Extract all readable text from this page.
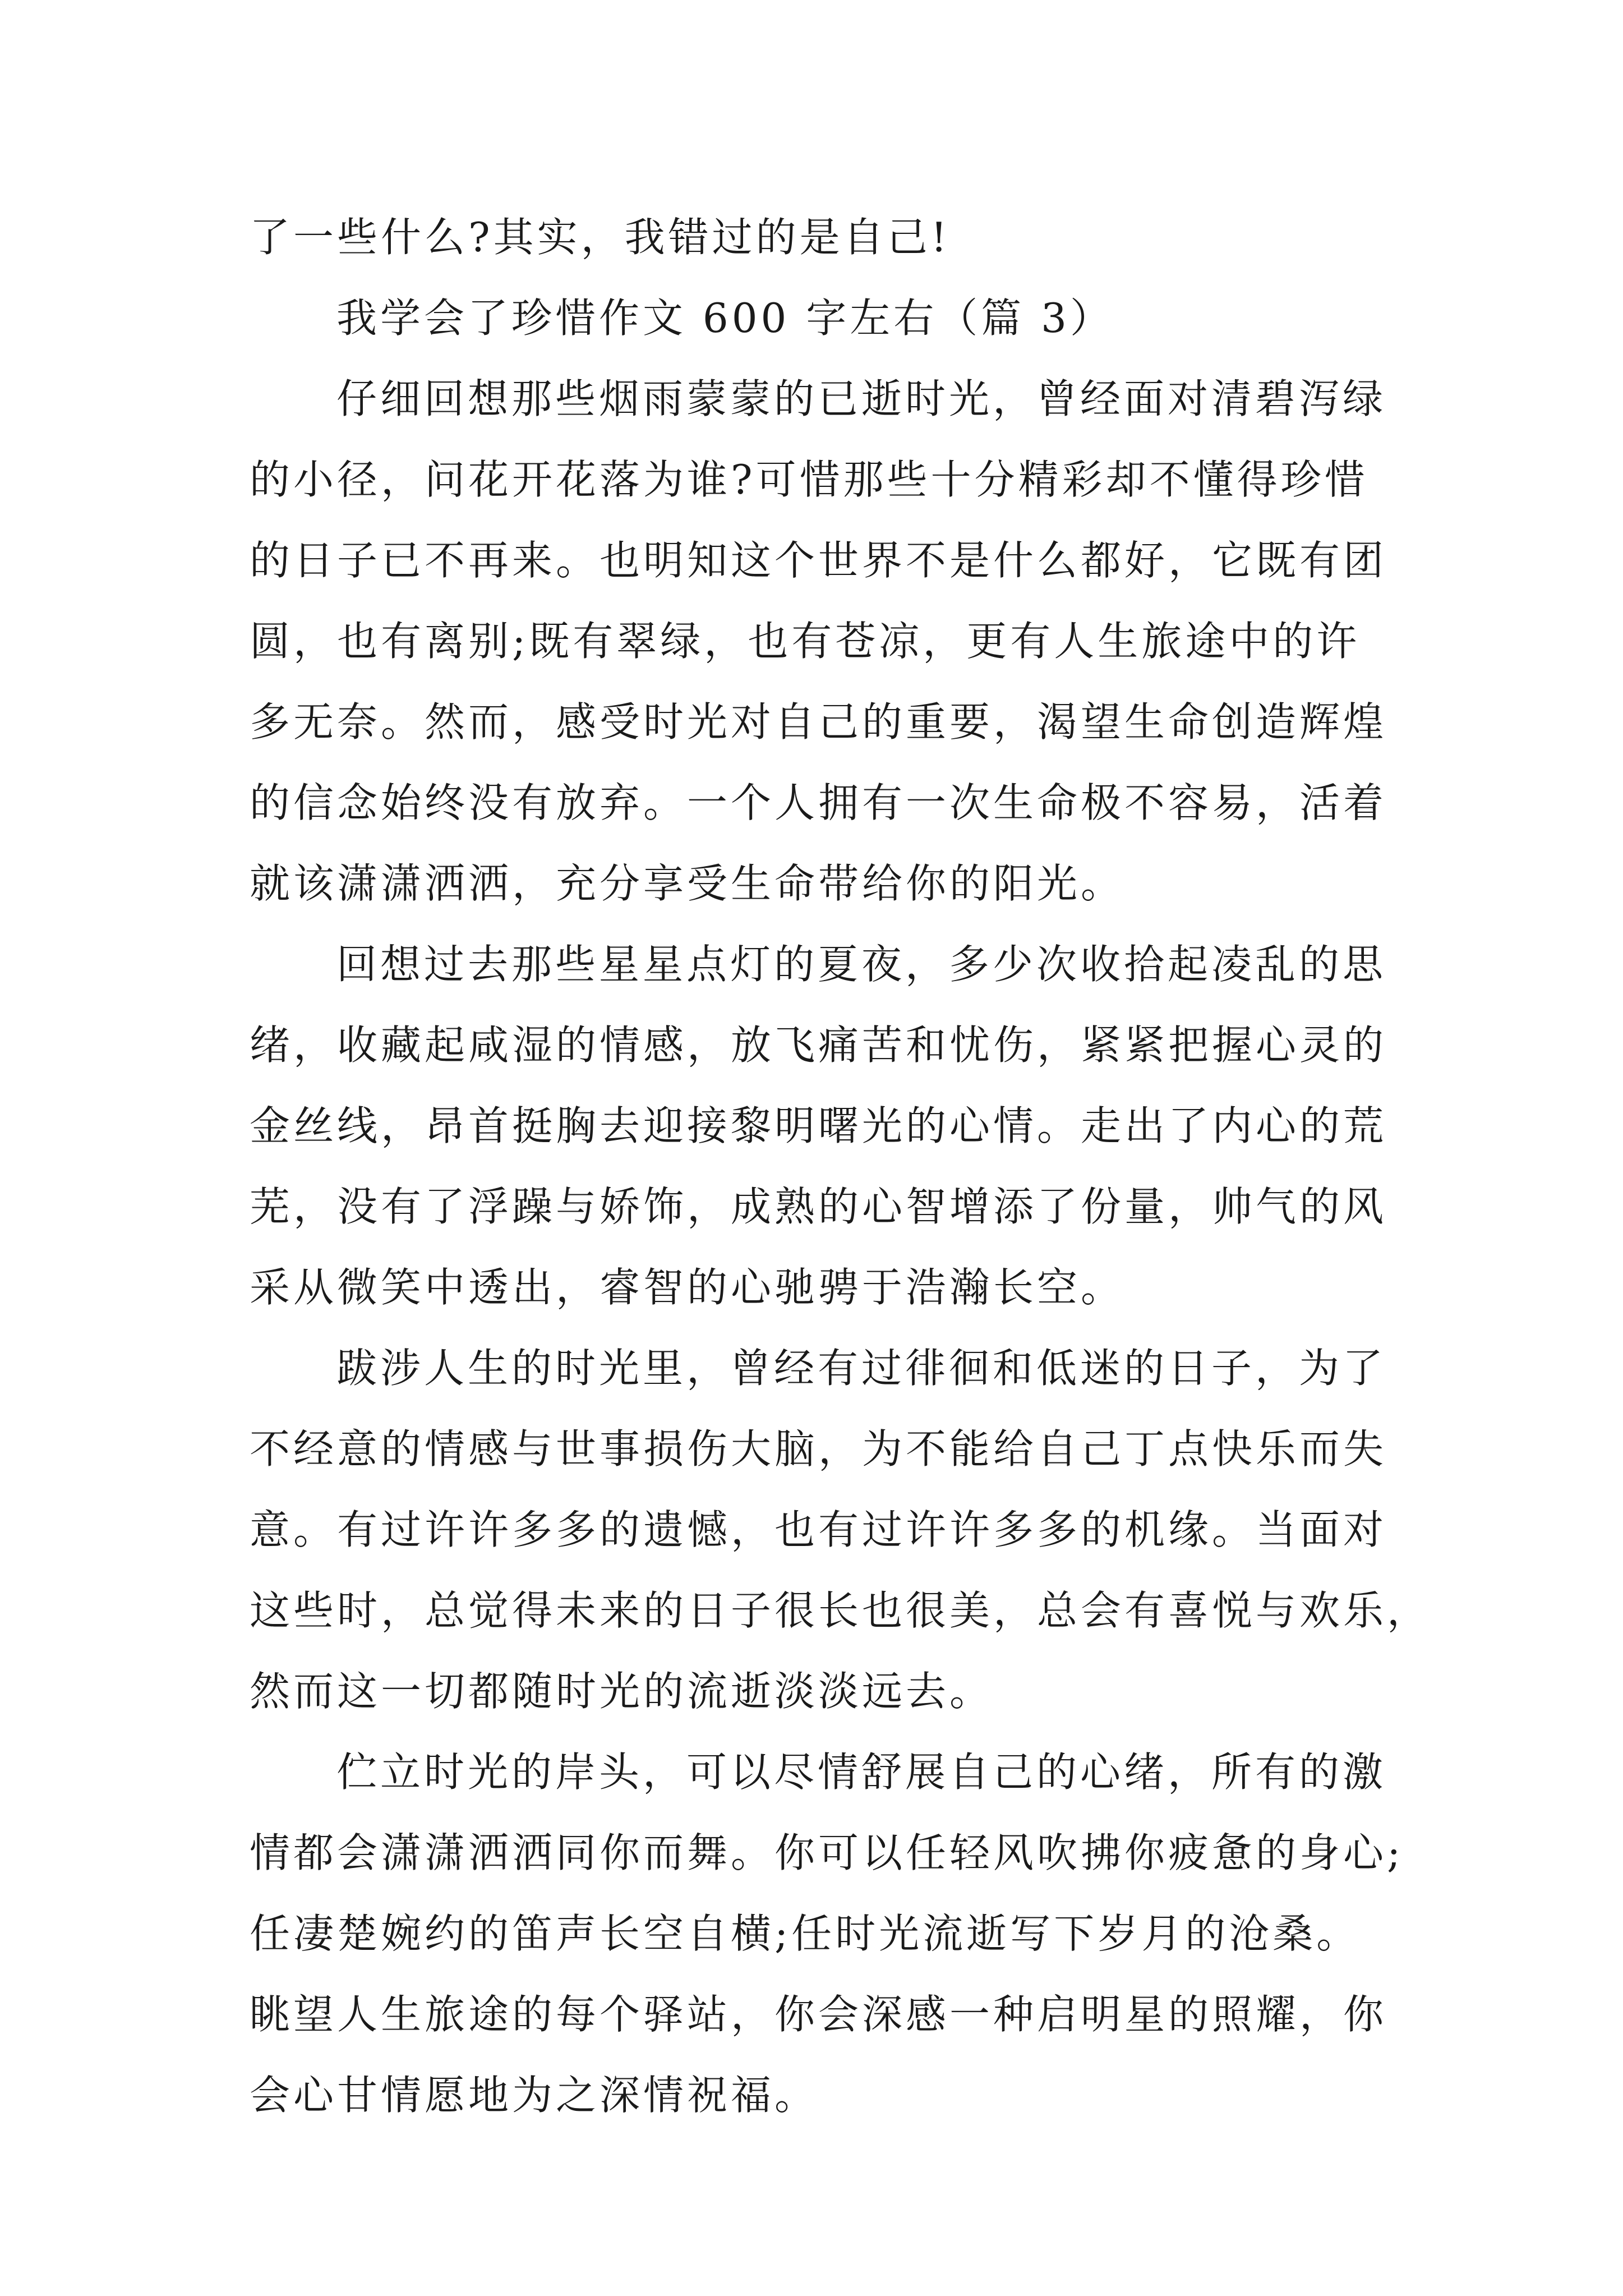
了一些什么?其实，我错过的是自己!
我学会了珍惜作文 600 字左右（篇 3）
仔细回想那些烟雨蒙蒙的已逝时光，曾经面对清碧泻绿
的小径，问花开花落为谁?可惜那些十分精彩却不懂得珍惜
的日子已不再来。也明知这个世界不是什么都好，它既有团
圆，也有离别;既有翠绿，也有苍凉，更有人生旅途中的许
多无奈。然而，感受时光对自己的重要，渴望生命创造辉煌
的信念始终没有放弃。一个人拥有一次生命极不容易，活着
就该潇潇洒洒，充分享受生命带给你的阳光。
回想过去那些星星点灯的夏夜，多少次收拾起凌乱的思
绪，收藏起咸湿的情感，放飞痛苦和忧伤，紧紧把握心灵的
金丝线，昂首挺胸去迎接黎明曙光的心情。走出了内心的荒
芜，没有了浮躁与娇饰，成熟的心智增添了份量，帅气的风
采从微笑中透出，睿智的心驰骋于浩瀚长空。
跋涉人生的时光里，曾经有过徘徊和低迷的日子，为了
不经意的情感与世事损伤大脑，为不能给自己丁点快乐而失
意。有过许许多多的遗憾，也有过许许多多的机缘。当面对
这些时，总觉得未来的日子很长也很美，总会有喜悦与欢乐，
然而这一切都随时光的流逝淡淡远去。
伫立时光的岸头，可以尽情舒展自己的心绪，所有的激
情都会潇潇洒洒同你而舞。你可以任轻风吹拂你疲惫的身心;
任凄楚婉约的笛声长空自横;任时光流逝写下岁月的沧桑。
眺望人生旅途的每个驿站，你会深感一种启明星的照耀，你
会心甘情愿地为之深情祝福。
